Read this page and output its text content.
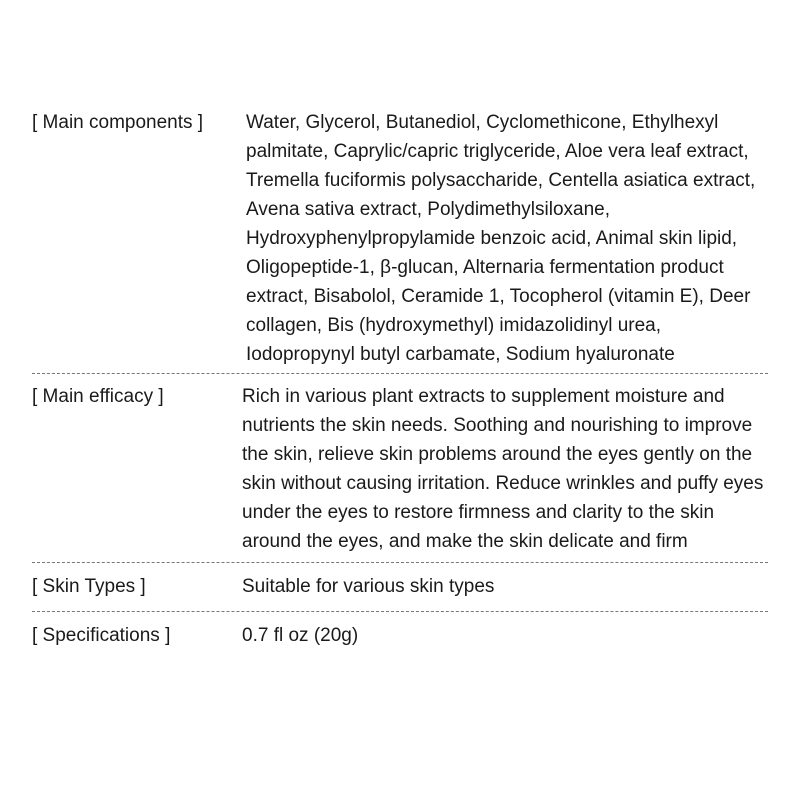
[ Main components ]	Water, Glycerol, Butanediol, Cyclomethicone, Ethylhexyl palmitate, Caprylic/capric triglyceride, Aloe vera leaf extract, Tremella fuciformis polysaccharide, Centella asiatica extract, Avena sativa extract, Polydimethylsiloxane, Hydroxyphenylpropylamide benzoic acid, Animal skin lipid, Oligopeptide-1, β-glucan, Alternaria fermentation product extract, Bisabolol, Ceramide 1, Tocopherol (vitamin E), Deer collagen, Bis (hydroxymethyl) imidazolidinyl urea, Iodopropynyl butyl carbamate, Sodium hyaluronate
[ Main efficacy ]	Rich in various plant extracts to supplement moisture and nutrients the skin needs. Soothing and nourishing to improve the skin, relieve skin problems around the eyes gently on the skin without causing irritation. Reduce wrinkles and puffy eyes under the eyes to restore firmness and clarity to the skin around the eyes, and make the skin delicate and firm
[ Skin Types ]	Suitable for various skin types
[ Specifications ]	0.7 fl oz (20g)
